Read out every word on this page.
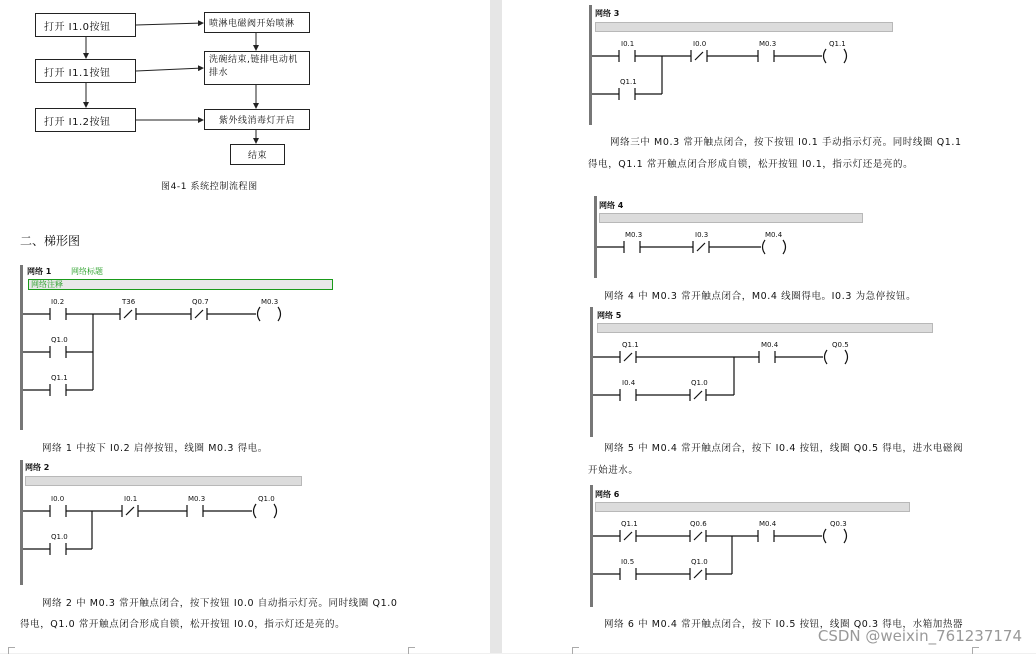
打开 I1.0按钮
打开 I1.1按钮
打开 I1.2按钮
喷淋电磁阀开始喷淋
洗碗结束,链排电动机排水
紫外线消毒灯开启
结束
图4-1 系统控制流程图
二、梯形图
网络 1 网络标题
网络注释
I0.2	T36	Q0.7	M0.3
Q1.0
Q1.1
网络 1 中按下 I0.2 启停按钮，线圈 M0.3 得电。
网络 2
I0.0	I0.1	M0.3	Q1.0
Q1.0
网络 2 中 M0.3 常开触点闭合，按下按钮 I0.0 自动指示灯亮。同时线圈 Q1.0
得电，Q1.0 常开触点闭合形成自锁，松开按钮 I0.0，指示灯还是亮的。
网络 3
I0.1	I0.0	M0.3	Q1.1
Q1.1
网络三中 M0.3 常开触点闭合，按下按钮 I0.1 手动指示灯亮。同时线圈 Q1.1
得电，Q1.1 常开触点闭合形成自锁，松开按钮 I0.1，指示灯还是亮的。
网络 4
M0.3	I0.3	M0.4
网络 4 中 M0.3 常开触点闭合，M0.4 线圈得电。I0.3 为急停按钮。
网络 5
Q1.1	M0.4	Q0.5
I0.4	Q1.0
网络 5 中 M0.4 常开触点闭合，按下 I0.4 按钮，线圈 Q0.5 得电，进水电磁阀
开始进水。
网络 6
Q1.1	Q0.6	M0.4	Q0.3
I0.5	Q1.0
网络 6 中 M0.4 常开触点闭合，按下 I0.5 按钮，线圈 Q0.3 得电，水箱加热器
CSDN @weixin_761237174
